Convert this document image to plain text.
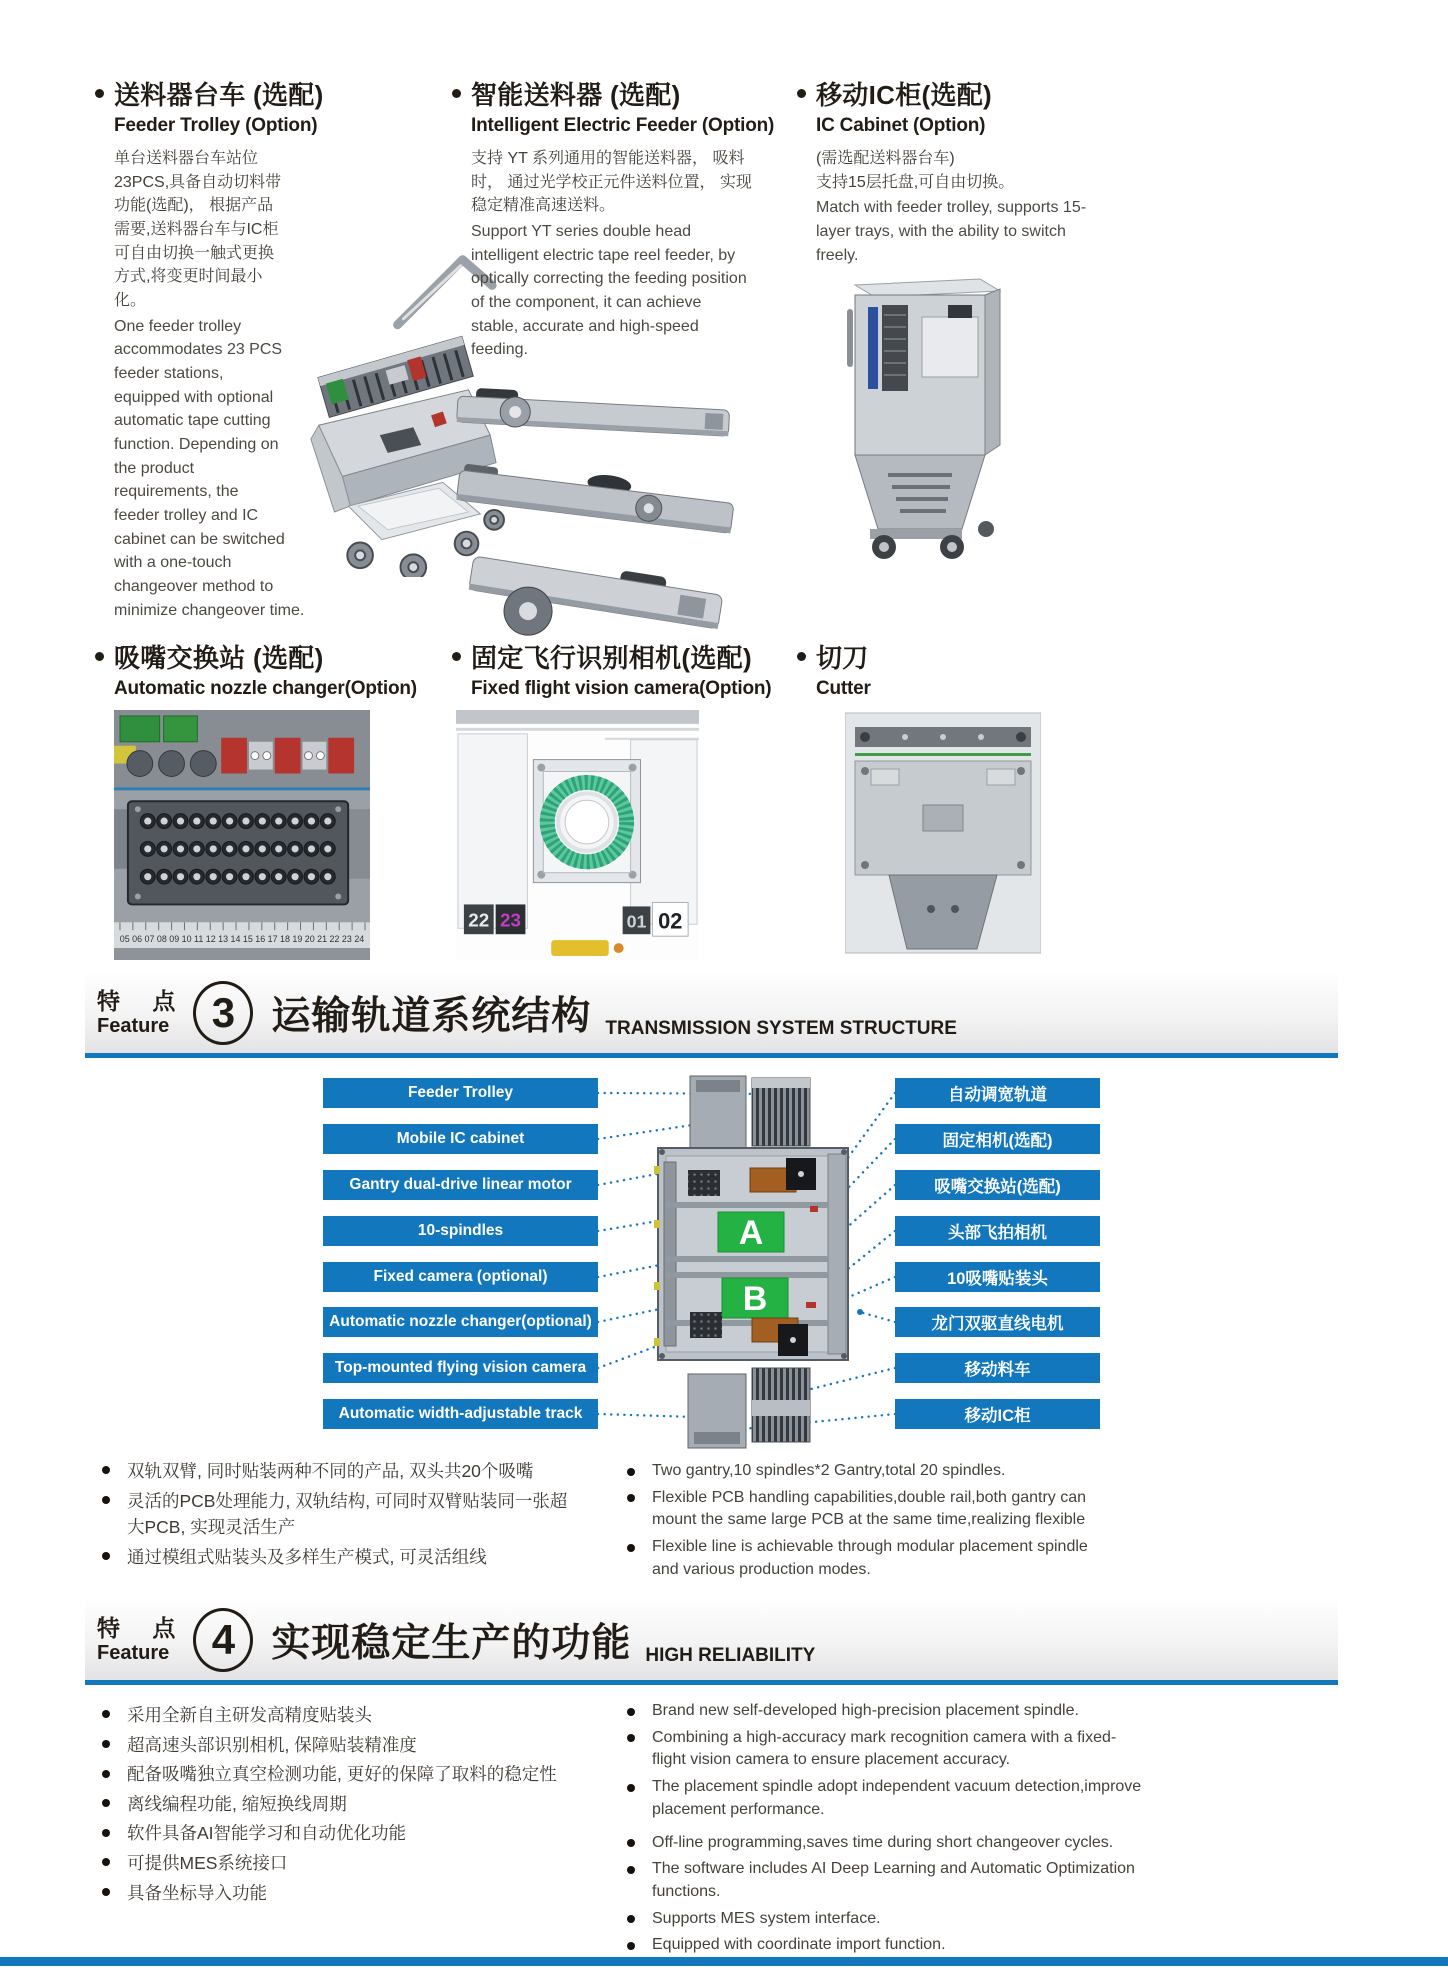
送料器台车 (选配)
Feeder Trolley (Option)

单台送料器台车站位23PCS,具备自动切料带功能(选配)， 根据产品需要,送料器台车与IC柜可自由切换一触式更换方式,将变更时间最小化。

One feeder trolley accommodates 23 PCS feeder stations, equipped with optional automatic tape cutting function. Depending on the product requirements, the feeder trolley and IC cabinet can be switched with a one-touch changeover method to minimize changeover time.

智能送料器 (选配)
Intelligent Electric Feeder (Option)

支持 YT 系列通用的智能送料器， 吸料时， 通过光学校正元件送料位置， 实现稳定精准高速送料。

Support YT series double head intelligent electric tape reel feeder, by optically correcting the feeding position of the component, it can achieve stable, accurate and high-speed feeding.

移动IC柜(选配)
IC Cabinet (Option)

(需选配送料器台车)

支持15层托盘,可自由切换。

Match with feeder trolley, supports 15-layer trays, with the ability to switch freely.

吸嘴交换站 (选配)
Automatic nozzle changer(Option)
05 06 07 08 09 10 11 12 13 14 15 16 17 18 19 20 21 22 23 24
固定飞行识别相机(选配)
Fixed flight vision camera(Option)
22 23	01 02
切刀
Cutter
特 点
Feature	3 运输轨道系统结构 TRANSMISSION SYSTEM STRUCTURE
A
B
Feeder Trolley
Mobile IC cabinet
Gantry dual-drive linear motor
10-spindles
Fixed camera (optional)
Automatic nozzle changer(optional)
Top-mounted flying vision camera
Automatic width-adjustable track
自动调宽轨道
固定相机(选配)
吸嘴交换站(选配)
头部飞拍相机
10吸嘴贴装头
龙门双驱直线电机
移动料车
移动IC柜
双轨双臂, 同时贴装两种不同的产品, 双头共20个吸嘴
灵活的PCB处理能力, 双轨结构, 可同时双臂贴装同一张超大PCB, 实现灵活生产
通过模组式贴装头及多样生产模式, 可灵活组线
Two gantry,10 spindles*2 Gantry,total 20 spindles.
Flexible PCB handling capabilities,double rail,both gantry can mount the same large PCB at the same time,realizing flexible
Flexible line is achievable through modular placement spindle and various production modes.
特 点
Feature	4 实现稳定生产的功能 HIGH RELIABILITY
采用全新自主研发高精度贴装头
超高速头部识别相机, 保障贴装精准度
配备吸嘴独立真空检测功能, 更好的保障了取料的稳定性
离线编程功能, 缩短换线周期
软件具备AI智能学习和自动优化功能
可提供MES系统接口
具备坐标导入功能
Brand new self-developed high-precision placement spindle.
Combining a high-accuracy mark recognition camera with a fixed-flight vision camera to ensure placement accuracy.
The placement spindle adopt independent vacuum detection,improve placement performance.
Off-line programming,saves time during short changeover cycles.
The software includes AI Deep Learning and Automatic Optimization functions.
Supports MES system interface.
Equipped with coordinate import function.
